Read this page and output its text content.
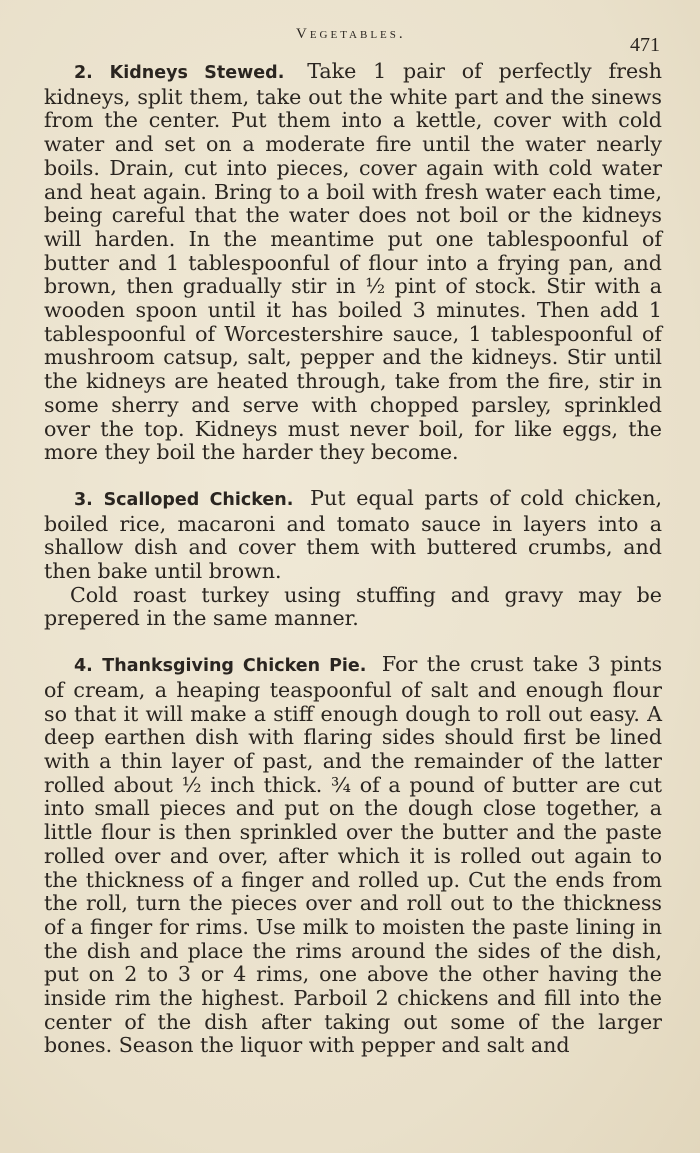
Vegetables.	471

2. Kidneys Stewed. Take 1 pair of perfectly fresh kidneys, split them, take out the white part and the sinews from the center. Put them into a kettle, cover with cold water and set on a moderate fire until the water nearly boils. Drain, cut into pieces, cover again with cold water and heat again. Bring to a boil with fresh water each time, being careful that the water does not boil or the kidneys will harden. In the meantime put one tablespoonful of butter and 1 tablespoonful of flour into a frying pan, and brown, then gradually stir in ½ pint of stock. Stir with a wooden spoon until it has boiled 3 minutes. Then add 1 tablespoonful of Worcestershire sauce, 1 tablespoonful of mushroom catsup, salt, pepper and the kidneys. Stir until the kidneys are heated through, take from the fire, stir in some sherry and serve with chopped parsley, sprinkled over the top. Kidneys must never boil, for like eggs, the more they boil the harder they become.

3. Scalloped Chicken. Put equal parts of cold chicken, boiled rice, macaroni and tomato sauce in layers into a shallow dish and cover them with buttered crumbs, and then bake until brown.

Cold roast turkey using stuffing and gravy may be prepered in the same manner.

4. Thanksgiving Chicken Pie. For the crust take 3 pints of cream, a heaping teaspoonful of salt and enough flour so that it will make a stiff enough dough to roll out easy. A deep earthen dish with flaring sides should first be lined with a thin layer of past, and the remainder of the latter rolled about ½ inch thick. ¾ of a pound of butter are cut into small pieces and put on the dough close together, a little flour is then sprinkled over the butter and the paste rolled over and over, after which it is rolled out again to the thickness of a finger and rolled up. Cut the ends from the roll, turn the pieces over and roll out to the thickness of a finger for rims. Use milk to moisten the paste lining in the dish and place the rims around the sides of the dish, put on 2 to 3 or 4 rims, one above the other having the inside rim the highest. Parboil 2 chickens and fill into the center of the dish after taking out some of the larger bones. Season the liquor with pepper and salt and
